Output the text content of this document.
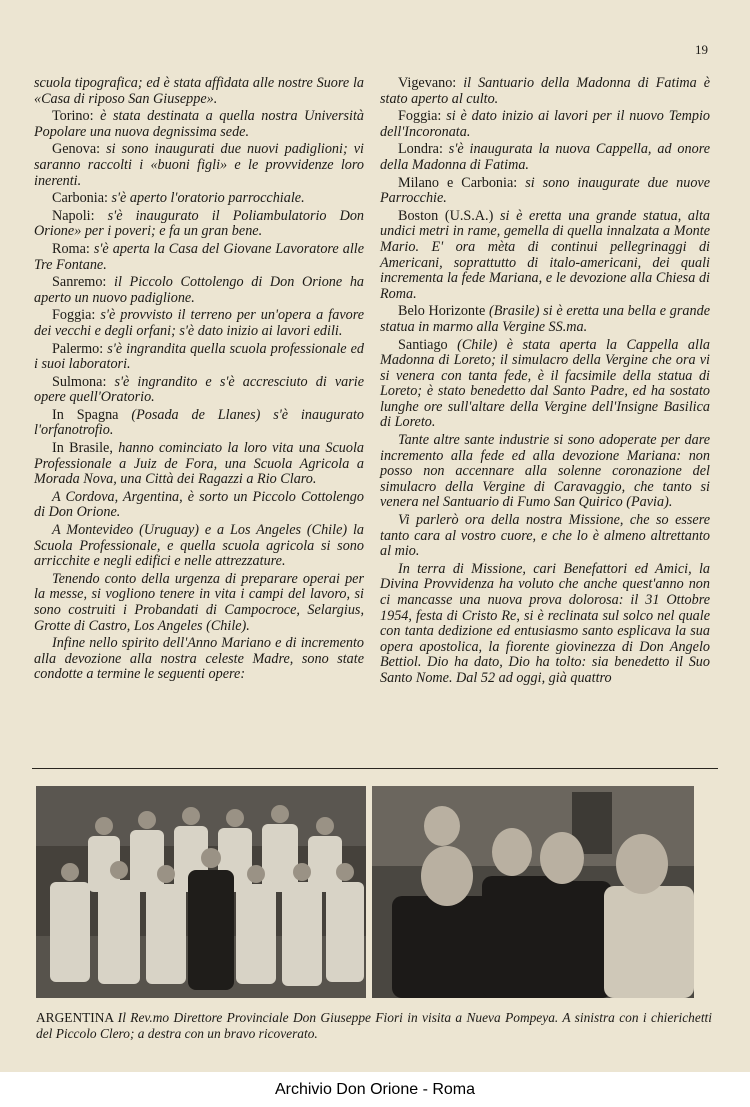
19

scuola tipografica; ed è stata affidata alle nostre Suore la «Casa di riposo San Giuseppe».

Torino: è stata destinata a quella nostra Università Popolare una nuova degnissima sede.

Genova: si sono inaugurati due nuovi padiglioni; vi saranno raccolti i «buoni figli» e le provvidenze loro inerenti.

Carbonia: s'è aperto l'oratorio parrocchiale.

Napoli: s'è inaugurato il Poliambulatorio Don Orione» per i poveri; e fa un gran bene.

Roma: s'è aperta la Casa del Giovane Lavoratore alle Tre Fontane.

Sanremo: il Piccolo Cottolengo di Don Orione ha aperto un nuovo padiglione.

Foggia: s'è provvisto il terreno per un'opera a favore dei vecchi e degli orfani; s'è dato inizio ai lavori edili.

Palermo: s'è ingrandita quella scuola professionale ed i suoi laboratori.

Sulmona: s'è ingrandito e s'è accresciuto di varie opere quell'Oratorio.

In Spagna (Posada de Llanes) s'è inaugurato l'orfanotrofio.

In Brasile, hanno cominciato la loro vita una Scuola Professionale a Juiz de Fora, una Scuola Agricola a Morada Nova, una Città dei Ragazzi a Rio Claro.

A Cordova, Argentina, è sorto un Piccolo Cottolengo di Don Orione.

A Montevideo (Uruguay) e a Los Angeles (Chile) la Scuola Professionale, e quella scuola agricola si sono arricchite e negli edifici e nelle attrezzature.

Tenendo conto della urgenza di preparare operai per la messe, si vogliono tenere in vita i campi del lavoro, si sono costruiti i Probandati di Campocroce, Selargius, Grotte di Castro, Los Angeles (Chile).

Infine nello spirito dell'Anno Mariano e di incremento alla devozione alla nostra celeste Madre, sono state condotte a termine le seguenti opere:

Vigevano: il Santuario della Madonna di Fatima è stato aperto al culto.

Foggia: si è dato inizio ai lavori per il nuovo Tempio dell'Incoronata.

Londra: s'è inaugurata la nuova Cappella, ad onore della Madonna di Fatima.

Milano e Carbonia: si sono inaugurate due nuove Parrocchie.

Boston (U.S.A.) si è eretta una grande statua, alta undici metri in rame, gemella di quella innalzata a Monte Mario. E' ora mèta di continui pellegrinaggi di Americani, soprattutto di italo-americani, dei quali incrementa la fede Mariana, e le devozione alla Chiesa di Roma.

Belo Horizonte (Brasile) si è eretta una bella e grande statua in marmo alla Vergine SS.ma.

Santiago (Chile) è stata aperta la Cappella alla Madonna di Loreto; il simulacro della Vergine che ora vi si venera con tanta fede, è il facsimile della statua di Loreto; è stato benedetto dal Santo Padre, ed ha sostato lunghe ore sull'altare della Vergine dell'Insigne Basilica di Loreto.

Tante altre sante industrie si sono adoperate per dare incremento alla fede ed alla devozione Mariana: non posso non accennare alla solenne coronazione del simulacro della Vergine di Caravaggio, che tanto si venera nel Santuario di Fumo San Quirico (Pavia).

Vi parlerò ora della nostra Missione, che so essere tanto cara al vostro cuore, e che lo è almeno altrettanto al mio.

In terra di Missione, cari Benefattori ed Amici, la Divina Provvidenza ha voluto che anche quest'anno non ci mancasse una nuova prova dolorosa: il 31 Ottobre 1954, festa di Cristo Re, si è reclinata sul solco nel quale con tanta dedizione ed entusiasmo santo esplicava la sua opera apostolica, la fiorente giovinezza di Don Angelo Bettiol. Dio ha dato, Dio ha tolto: sia benedetto il Suo Santo Nome. Dal 52 ad oggi, già quattro

ARGENTINA Il Rev.mo Direttore Provinciale Don Giuseppe Fiori in visita a Nueva Pompeya. A sinistra con i chierichetti del Piccolo Clero; a destra con un bravo ricoverato.
Archivio Don Orione - Roma
